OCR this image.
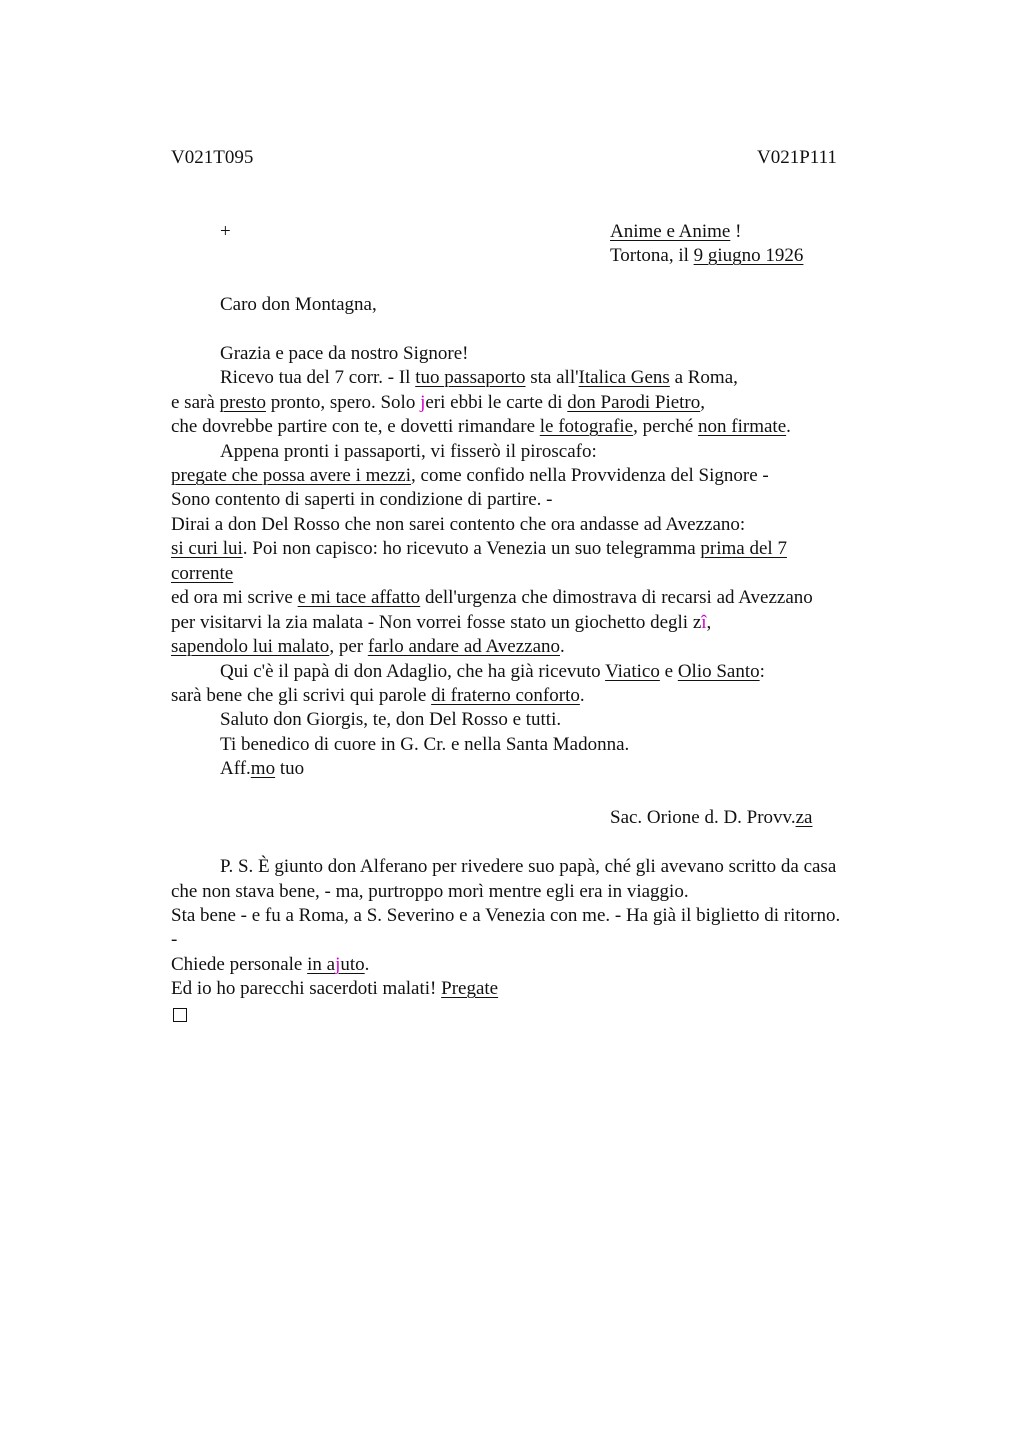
V021T095	V021P111
+	Anime e Anime !
Tortona, il 9 giugno 1926
Caro don Montagna,
Grazia e pace da nostro Signore!
Ricevo tua del 7 corr. - Il tuo passaporto sta all'Italica Gens a Roma,
e sarà presto pronto, spero. Solo jeri ebbi le carte di don Parodi Pietro,
che dovrebbe partire con te, e dovetti rimandare le fotografie, perché non firmate.
Appena pronti i passaporti, vi fisserò il piroscafo:
pregate che possa avere i mezzi, come confido nella Provvidenza del Signore -
Sono contento di saperti in condizione di partire. -
Dirai a don Del Rosso che non sarei contento che ora andasse ad Avezzano:
si curi lui. Poi non capisco: ho ricevuto a Venezia un suo telegramma prima del 7
corrente
ed ora mi scrive e mi tace affatto dell'urgenza che dimostrava di recarsi ad Avezzano
per visitarvi la zia malata - Non vorrei fosse stato un giochetto degli zî,
sapendolo lui malato, per farlo andare ad Avezzano.
Qui c'è il papà di don Adaglio, che ha già ricevuto Viatico e Olio Santo:
sarà bene che gli scrivi qui parole di fraterno conforto.
Saluto don Giorgis, te, don Del Rosso e tutti.
Ti benedico di cuore in G. Cr. e nella Santa Madonna.
Aff.mo tuo
Sac. Orione d. D. Provv.za
P. S. È giunto don Alferano per rivedere suo papà, ché gli avevano scritto da casa
che non stava bene, - ma, purtroppo morì mentre egli era in viaggio.
Sta bene - e fu a Roma, a S. Severino e a Venezia con me. - Ha già il biglietto di ritorno.
-
Chiede personale in ajuto.
Ed io ho parecchi sacerdoti malati! Pregate
